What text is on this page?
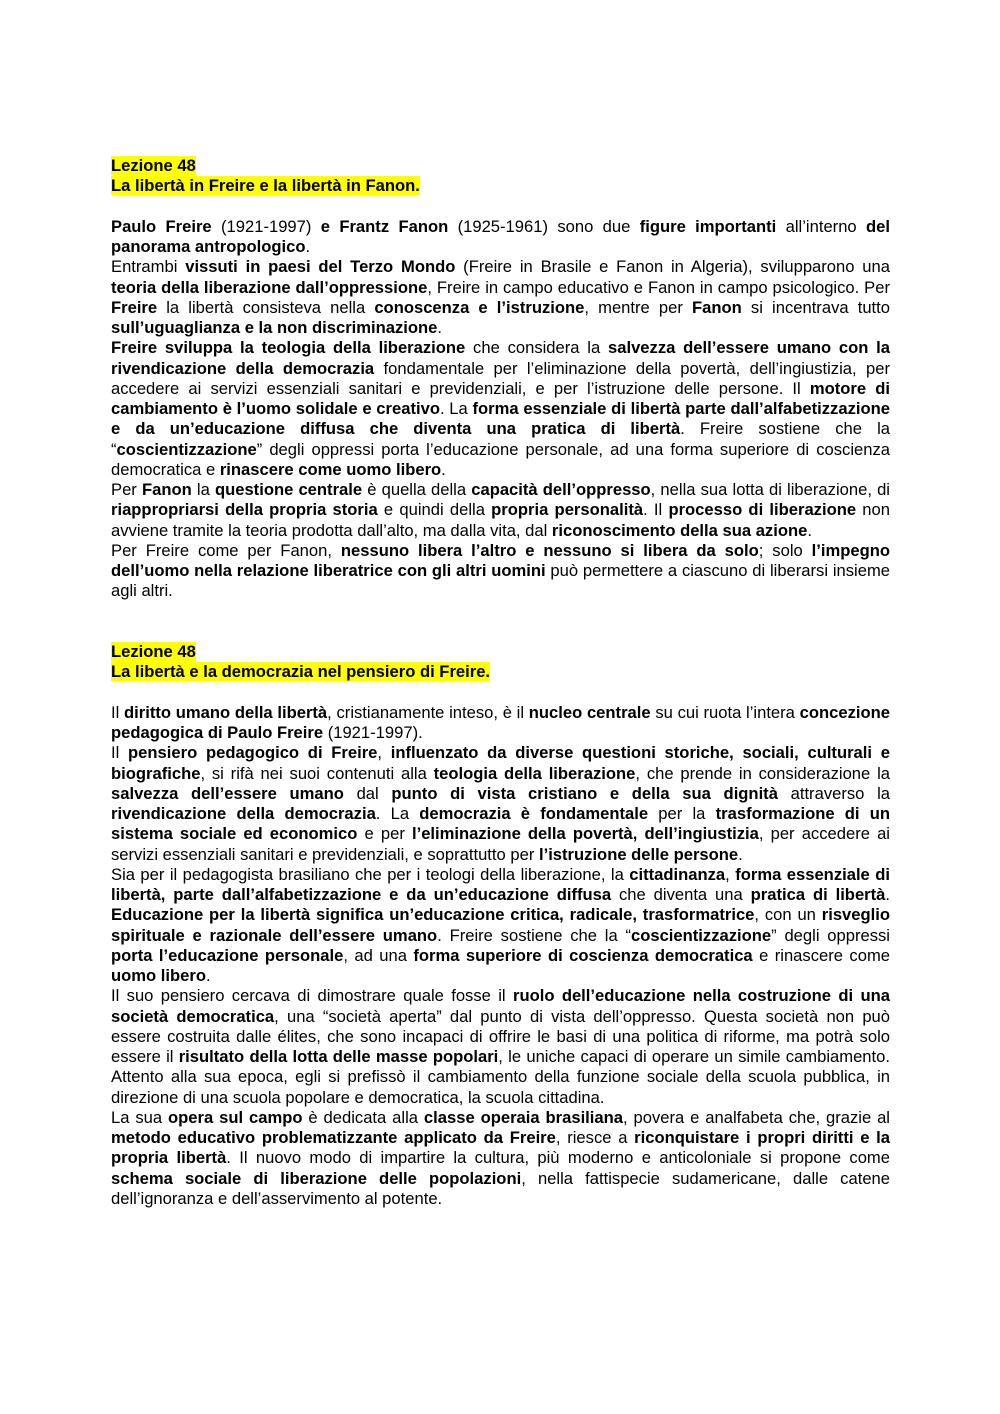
Lezione 48
La libertà in Freire e la libertà in Fanon.

Paulo Freire (1921-1997) e Frantz Fanon (1925-1961) sono due figure importanti all’interno del panorama antropologico.

Entrambi vissuti in paesi del Terzo Mondo (Freire in Brasile e Fanon in Algeria), svilupparono una teoria della liberazione dall’oppressione, Freire in campo educativo e Fanon in campo psicologico. Per Freire la libertà consisteva nella conoscenza e l’istruzione, mentre per Fanon si incentrava tutto sull’uguaglianza e la non discriminazione.

Freire sviluppa la teologia della liberazione che considera la salvezza dell’essere umano con la rivendicazione della democrazia fondamentale per l’eliminazione della povertà, dell’ingiustizia, per accedere ai servizi essenziali sanitari e previdenziali, e per l’istruzione delle persone. Il motore di cambiamento è l’uomo solidale e creativo. La forma essenziale di libertà parte dall’alfabetizzazione e da un’educazione diffusa che diventa una pratica di libertà. Freire sostiene che la “coscientizzazione” degli oppressi porta l’educazione personale, ad una forma superiore di coscienza democratica e rinascere come uomo libero.

Per Fanon la questione centrale è quella della capacità dell’oppresso, nella sua lotta di liberazione, di riappropriarsi della propria storia e quindi della propria personalità. Il processo di liberazione non avviene tramite la teoria prodotta dall’alto, ma dalla vita, dal riconoscimento della sua azione.

Per Freire come per Fanon, nessuno libera l’altro e nessuno si libera da solo; solo l’impegno dell’uomo nella relazione liberatrice con gli altri uomini può permettere a ciascuno di liberarsi insieme agli altri.

Lezione 48
La libertà e la democrazia nel pensiero di Freire.

Il diritto umano della libertà, cristianamente inteso, è il nucleo centrale su cui ruota l’intera concezione pedagogica di Paulo Freire (1921-1997).

Il pensiero pedagogico di Freire, influenzato da diverse questioni storiche, sociali, culturali e biografiche, si rifà nei suoi contenuti alla teologia della liberazione, che prende in considerazione la salvezza dell’essere umano dal punto di vista cristiano e della sua dignità attraverso la rivendicazione della democrazia. La democrazia è fondamentale per la trasformazione di un sistema sociale ed economico e per l’eliminazione della povertà, dell’ingiustizia, per accedere ai servizi essenziali sanitari e previdenziali, e soprattutto per l’istruzione delle persone.

Sia per il pedagogista brasiliano che per i teologi della liberazione, la cittadinanza, forma essenziale di libertà, parte dall’alfabetizzazione e da un’educazione diffusa che diventa una pratica di libertà. Educazione per la libertà significa un’educazione critica, radicale, trasformatrice, con un risveglio spirituale e razionale dell’essere umano. Freire sostiene che la “coscientizzazione” degli oppressi porta l’educazione personale, ad una forma superiore di coscienza democratica e rinascere come uomo libero.

Il suo pensiero cercava di dimostrare quale fosse il ruolo dell’educazione nella costruzione di una società democratica, una “società aperta” dal punto di vista dell’oppresso. Questa società non può essere costruita dalle élites, che sono incapaci di offrire le basi di una politica di riforme, ma potrà solo essere il risultato della lotta delle masse popolari, le uniche capaci di operare un simile cambiamento. Attento alla sua epoca, egli si prefissò il cambiamento della funzione sociale della scuola pubblica, in direzione di una scuola popolare e democratica, la scuola cittadina.

La sua opera sul campo è dedicata alla classe operaia brasiliana, povera e analfabeta che, grazie al metodo educativo problematizzante applicato da Freire, riesce a riconquistare i propri diritti e la propria libertà. Il nuovo modo di impartire la cultura, più moderno e anticoloniale si propone come schema sociale di liberazione delle popolazioni, nella fattispecie sudamericane, dalle catene dell’ignoranza e dell’asservimento al potente.
